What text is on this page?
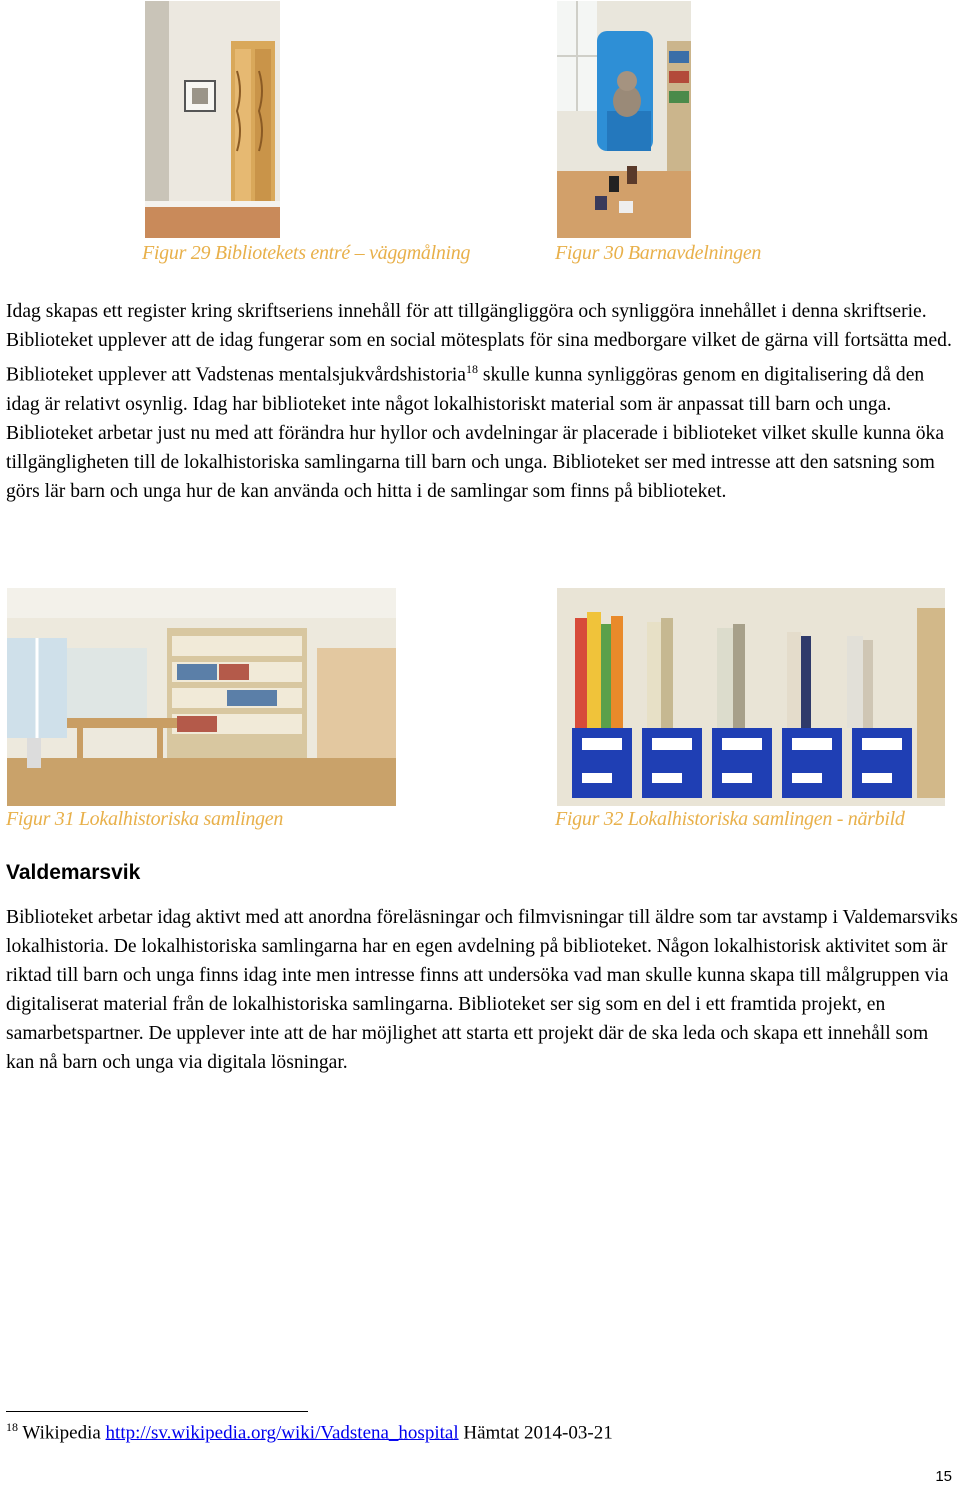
Figur 29 Bibliotekets entré – väggmålning	Figur 30 Barnavdelningen

Idag skapas ett register kring skriftseriens innehåll för att tillgängliggöra och synliggöra innehållet i denna skriftserie. Biblioteket upplever att de idag fungerar som en social mötesplats för sina medborgare vilket de gärna vill fortsätta med. Biblioteket upplever att Vadstenas mentalsjukvårdshistoria$^{18}$ skulle kunna synliggöras genom en digitalisering då den idag är relativt osynlig. Idag har biblioteket inte något lokalhistoriskt material som är anpassat till barn och unga. Biblioteket arbetar just nu med att förändra hur hyllor och avdelningar är placerade i biblioteket vilket skulle kunna öka tillgängligheten till de lokalhistoriska samlingarna till barn och unga. Biblioteket ser med intresse att den satsning som görs lär barn och unga hur de kan använda och hitta i de samlingar som finns på biblioteket.

Figur 31 Lokalhistoriska samlingen	Figur 32 Lokalhistoriska samlingen - närbild
Valdemarsvik

Biblioteket arbetar idag aktivt med att anordna föreläsningar och filmvisningar till äldre som tar avstamp i Valdemarsviks lokalhistoria. De lokalhistoriska samlingarna har en egen avdelning på biblioteket. Någon lokalhistorisk aktivitet som är riktad till barn och unga finns idag inte men intresse finns att undersöka vad man skulle kunna skapa till målgruppen via digitaliserat material från de lokalhistoriska samlingarna. Biblioteket ser sig som en del i ett framtida projekt, en samarbetspartner. De upplever inte att de har möjlighet att starta ett projekt där de ska leda och skapa ett innehåll som kan nå barn och unga via digitala lösningar.

$^{18}$ Wikipedia http://sv.wikipedia.org/wiki/Vadstena_hospital Hämtat 2014-03-21
15
